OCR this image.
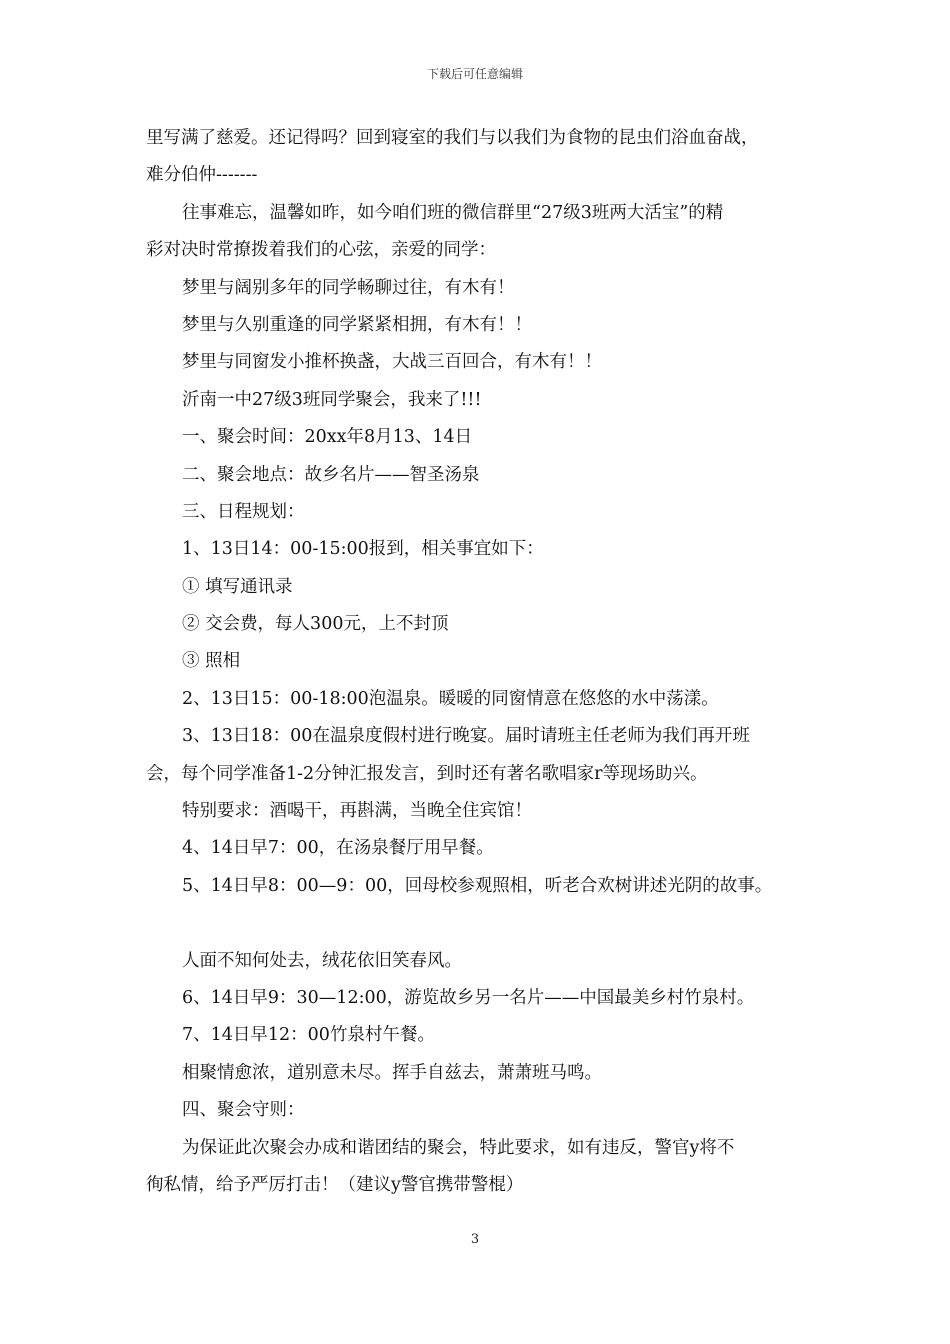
下载后可任意编辑
里写满了慈爱。还记得吗？回到寝室的我们与以我们为食物的昆虫们浴血奋战，
难分伯仲-------
往事难忘，温馨如昨，如今咱们班的微信群里“27级3班两大活宝”的精
彩对决时常撩拨着我们的心弦，亲爱的同学：
梦里与阔别多年的同学畅聊过往，有木有！
梦里与久别重逢的同学紧紧相拥，有木有！！
梦里与同窗发小推杯换盏，大战三百回合，有木有！！
沂南一中27级3班同学聚会，我来了!!!
一、聚会时间：20xx年8月13、14日
二、聚会地点：故乡名片——智圣汤泉
三、日程规划：
1、13日14：00-15:00报到，相关事宜如下：
① 填写通讯录
② 交会费，每人300元，上不封顶
③ 照相
2、13日15：00-18:00泡温泉。暖暖的同窗情意在悠悠的水中荡漾。
3、13日18：00在温泉度假村进行晚宴。届时请班主任老师为我们再开班
会，每个同学准备1-2分钟汇报发言，到时还有著名歌唱家r等现场助兴。
特别要求：酒喝干，再斟满，当晚全住宾馆！
4、14日早7：00，在汤泉餐厅用早餐。
5、14日早8：00—9：00，回母校参观照相，听老合欢树讲述光阴的故事。
人面不知何处去，绒花依旧笑春风。
6、14日早9：30—12:00，游览故乡另一名片——中国最美乡村竹泉村。
7、14日早12：00竹泉村午餐。
相聚情愈浓，道别意未尽。挥手自兹去，萧萧班马鸣。
四、聚会守则：
为保证此次聚会办成和谐团结的聚会，特此要求，如有违反，警官y将不
徇私情，给予严厉打击！（建议y警官携带警棍）
3
